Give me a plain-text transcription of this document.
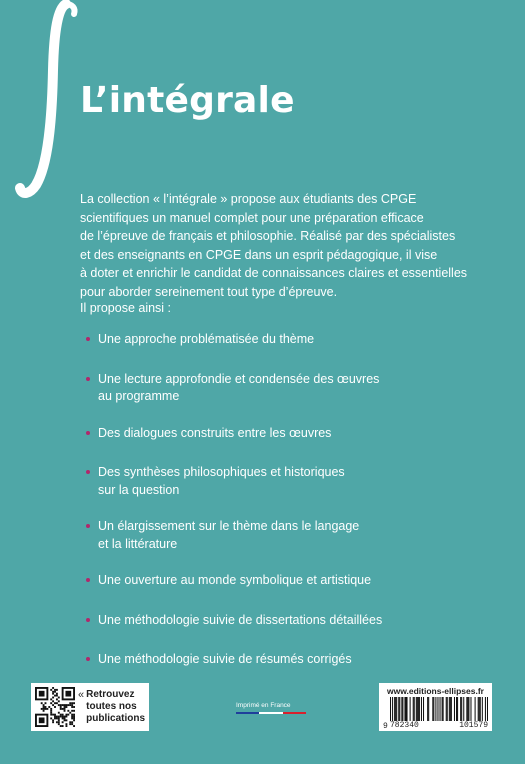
L’intégrale
La collection « l’intégrale » propose aux étudiants des CPGE
scientifiques un manuel complet pour une préparation efficace
de l’épreuve de français et philosophie. Réalisé par des spécialistes
et des enseignants en CPGE dans un esprit pédagogique, il vise
à doter et enrichir le candidat de connaissances claires et essentielles
pour aborder sereinement tout type d’épreuve.
Il propose ainsi :
Une approche problématisée du thème
Une lecture approfondie et condensée des œuvres
au programme
Des dialogues construits entre les œuvres
Des synthèses philosophiques et historiques
sur la question
Un élargissement sur le thème dans le langage
et la littérature
Une ouverture au monde symbolique et artistique
Une méthodologie suivie de dissertations détaillées
Une méthodologie suivie de résumés corrigés
« Retrouvez
toutes nos
publications
Imprimé en France
www.editions-ellipses.fr
9 782340	101579
